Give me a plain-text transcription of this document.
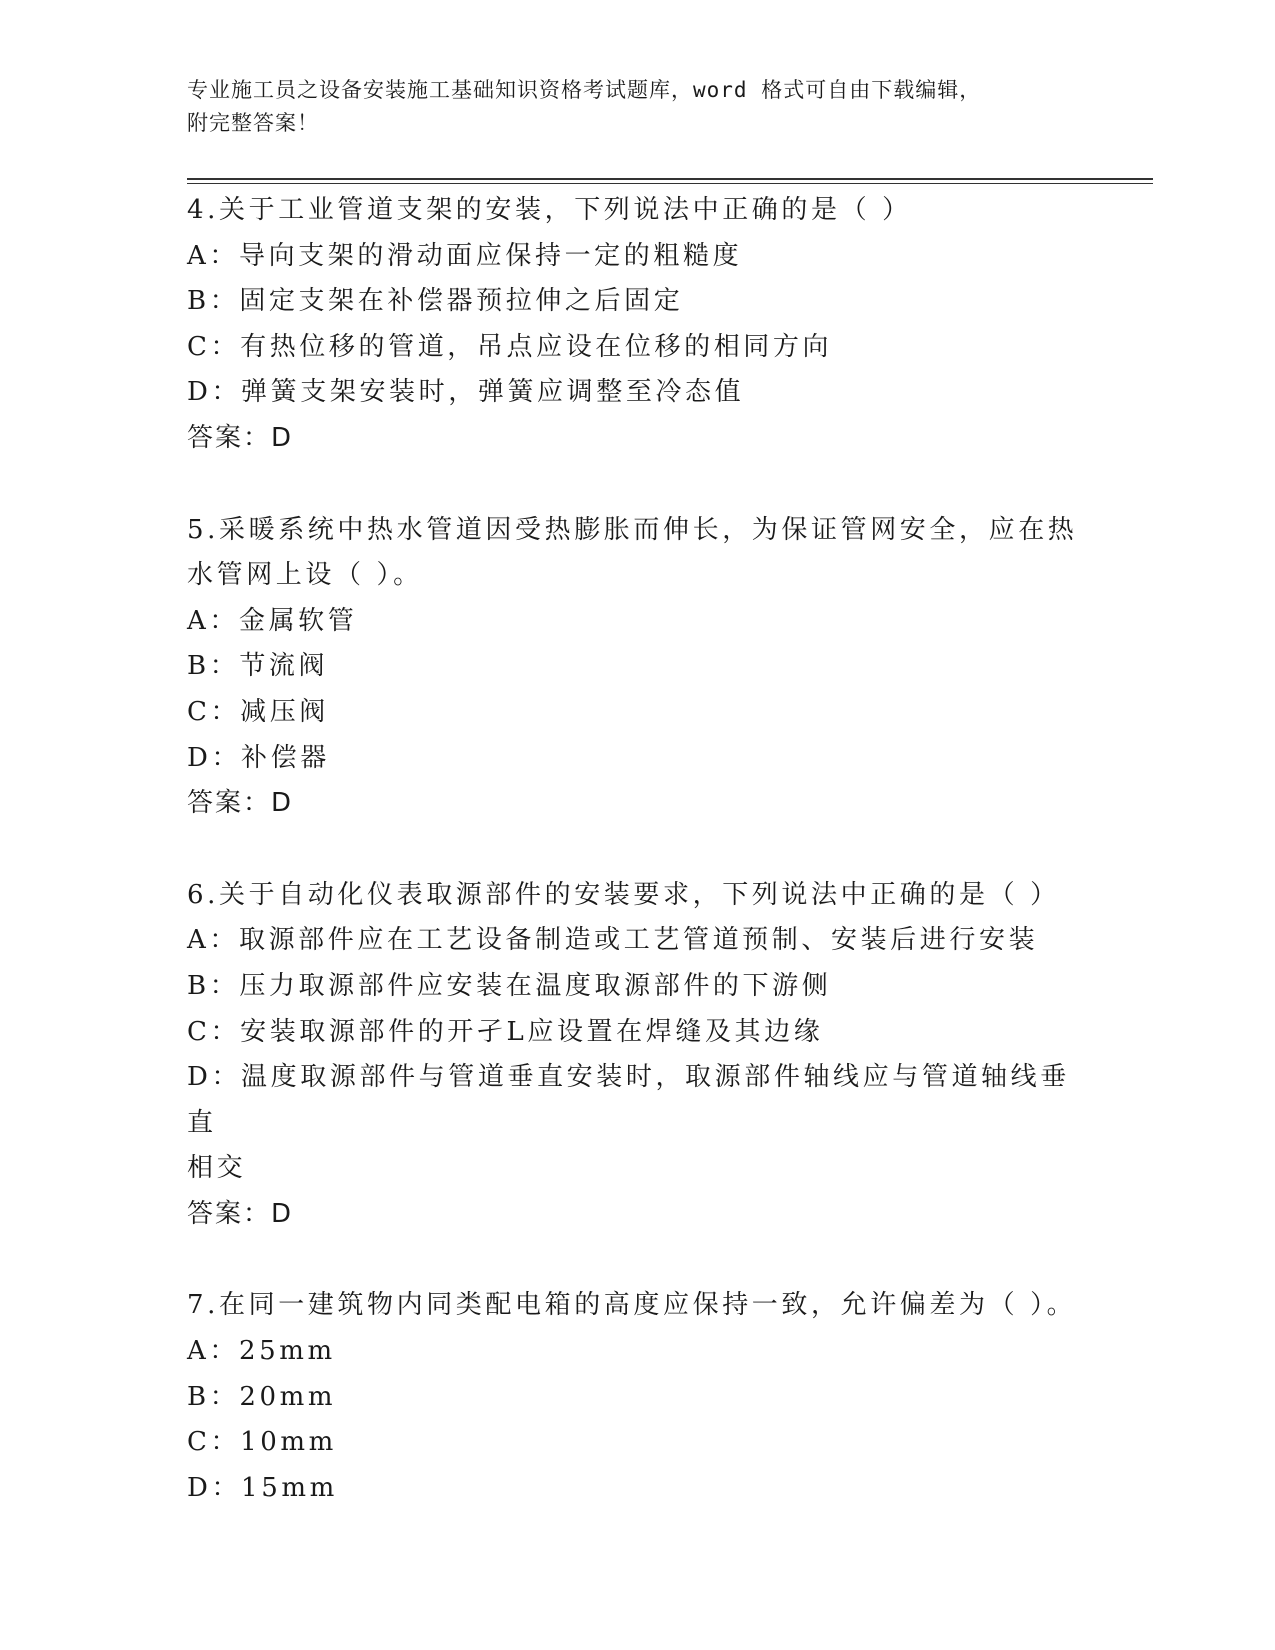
专业施工员之设备安装施工基础知识资格考试题库，word 格式可自由下载编辑，
附完整答案！
4.关于工业管道支架的安装，下列说法中正确的是（ ）
A：导向支架的滑动面应保持一定的粗糙度
B：固定支架在补偿器预拉伸之后固定
C：有热位移的管道，吊点应设在位移的相同方向
D：弹簧支架安装时，弹簧应调整至冷态值
答案：D
5.采暖系统中热水管道因受热膨胀而伸长，为保证管网安全，应在热
水管网上设（ ）。
A：金属软管
B：节流阀
C：减压阀
D：补偿器
答案：D
6.关于自动化仪表取源部件的安装要求，下列说法中正确的是（ ）
A：取源部件应在工艺设备制造或工艺管道预制、安装后进行安装
B：压力取源部件应安装在温度取源部件的下游侧
C：安装取源部件的开孑L应设置在焊缝及其边缘
D：温度取源部件与管道垂直安装时，取源部件轴线应与管道轴线垂直
相交
答案：D
7.在同一建筑物内同类配电箱的高度应保持一致，允许偏差为（ ）。
A：25mm
B：20mm
C：10mm
D：15mm
